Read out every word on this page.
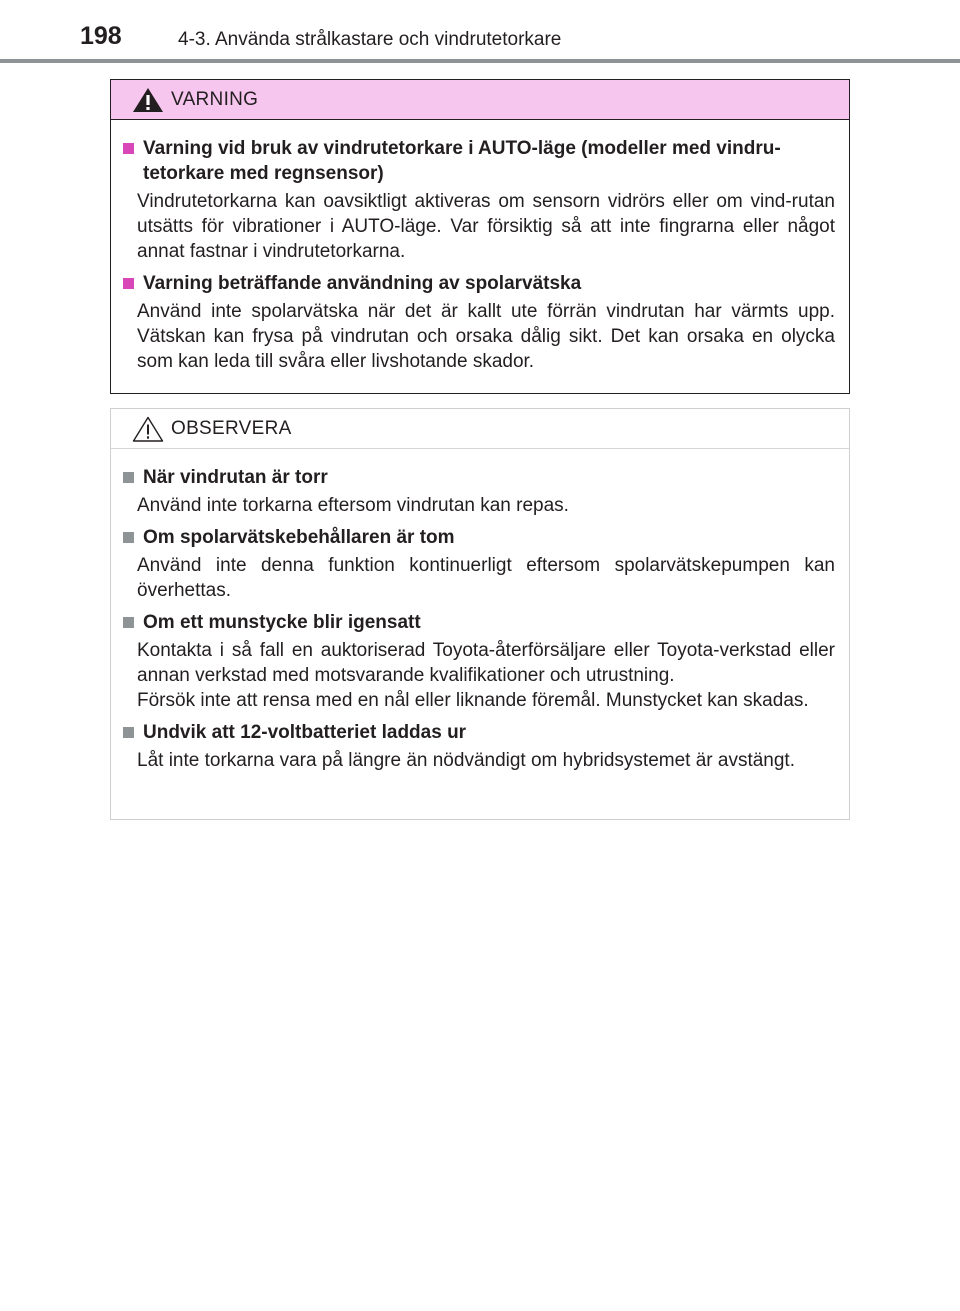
198	4-3. Använda strålkastare och vindrutetorkare
VARNING
Varning vid bruk av vindrutetorkare i AUTO-läge (modeller med vindru-tetorkare med regnsensor)
Vindrutetorkarna kan oavsiktligt aktiveras om sensorn vidrörs eller om vind-rutan utsätts för vibrationer i AUTO-läge. Var försiktig så att inte fingrarna eller något annat fastnar i vindrutetorkarna.
Varning beträffande användning av spolarvätska
Använd inte spolarvätska när det är kallt ute förrän vindrutan har värmts upp. Vätskan kan frysa på vindrutan och orsaka dålig sikt. Det kan orsaka en olycka som kan leda till svåra eller livshotande skador.
OBSERVERA
När vindrutan är torr
Använd inte torkarna eftersom vindrutan kan repas.
Om spolarvätskebehållaren är tom
Använd inte denna funktion kontinuerligt eftersom spolarvätskepumpen kan överhettas.
Om ett munstycke blir igensatt

Kontakta i så fall en auktoriserad Toyota-återförsäljare eller Toyota-verkstad eller annan verkstad med motsvarande kvalifikationer och utrustning.

Försök inte att rensa med en nål eller liknande föremål. Munstycket kan skadas.

Undvik att 12-voltbatteriet laddas ur
Låt inte torkarna vara på längre än nödvändigt om hybridsystemet är avstängt.
